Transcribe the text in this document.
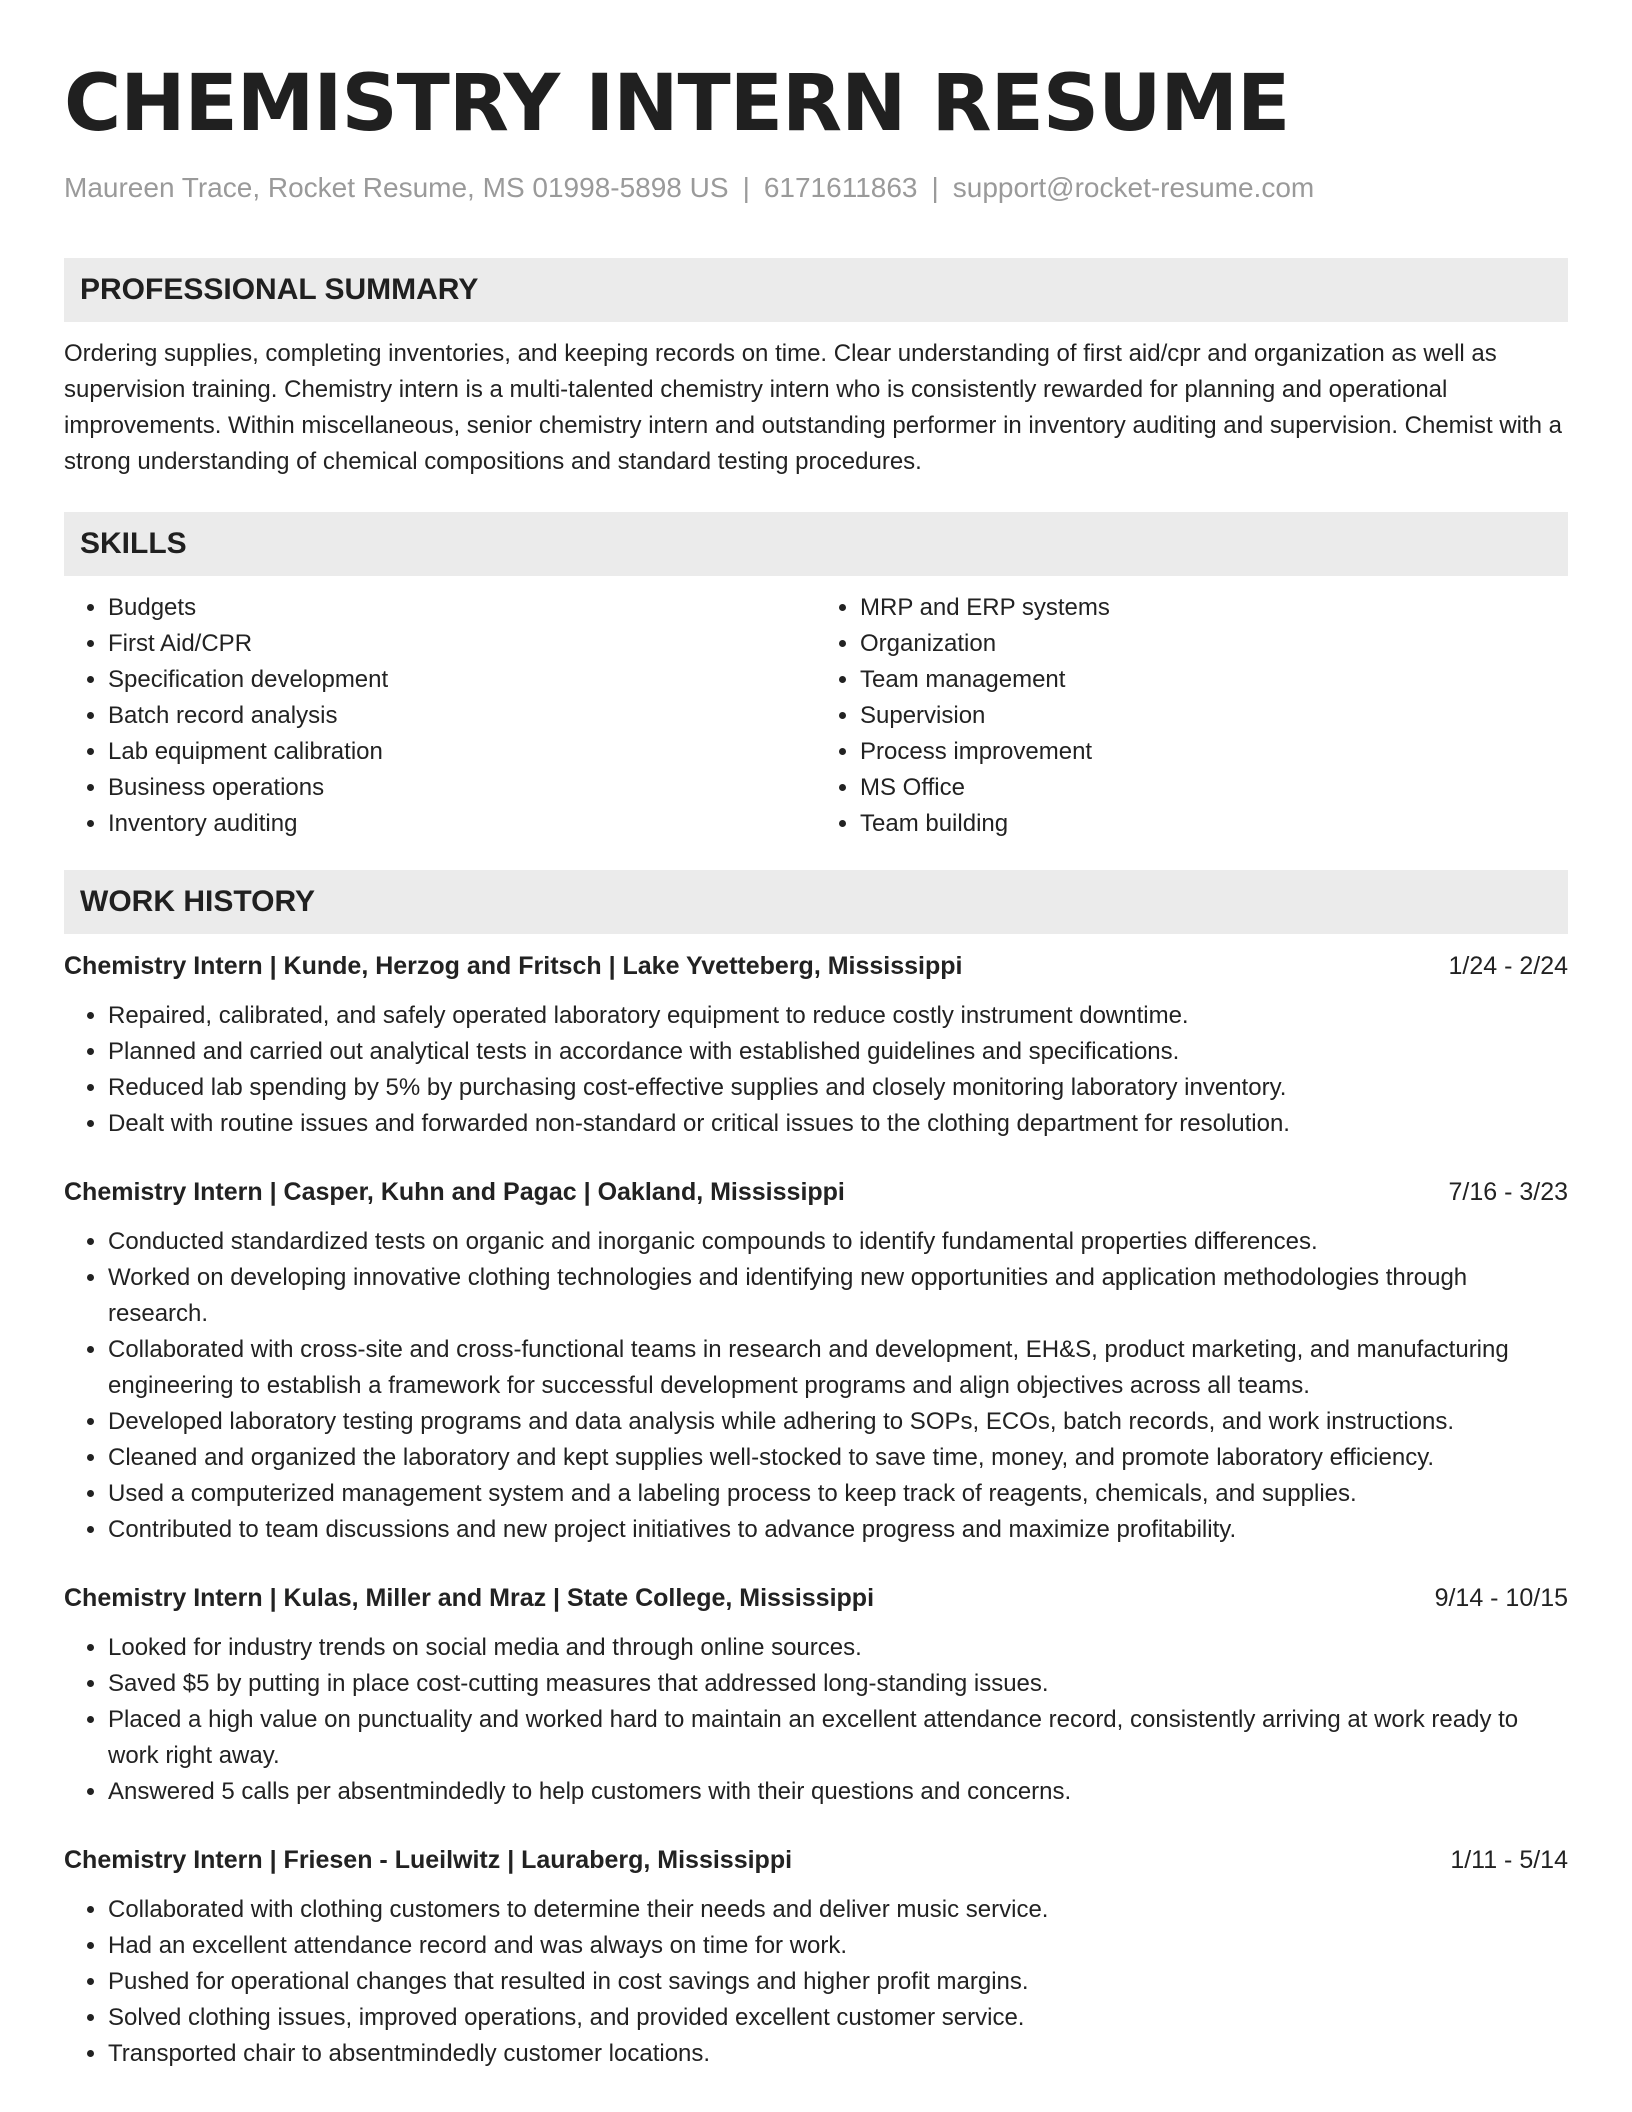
CHEMISTRY INTERN RESUME
Maureen Trace, Rocket Resume, MS 01998-5898 US | 6171611863 | support@rocket-resume.com
PROFESSIONAL SUMMARY

Ordering supplies, completing inventories, and keeping records on time. Clear understanding of first aid/cpr and organization as well as supervision training. Chemistry intern is a multi-talented chemistry intern who is consistently rewarded for planning and operational improvements. Within miscellaneous, senior chemistry intern and outstanding performer in inventory auditing and supervision. Chemist with a strong understanding of chemical compositions and standard testing procedures.

SKILLS
• Budgets
• First Aid/CPR
• Specification development
• Batch record analysis
• Lab equipment calibration
• Business operations
• Inventory auditing
• MRP and ERP systems
• Organization
• Team management
• Supervision
• Process improvement
• MS Office
• Team building
WORK HISTORY
Chemistry Intern | Kunde, Herzog and Fritsch | Lake Yvetteberg, Mississippi	1/24 - 2/24
• Repaired, calibrated, and safely operated laboratory equipment to reduce costly instrument downtime.
• Planned and carried out analytical tests in accordance with established guidelines and specifications.
• Reduced lab spending by 5% by purchasing cost-effective supplies and closely monitoring laboratory inventory.
• Dealt with routine issues and forwarded non-standard or critical issues to the clothing department for resolution.
Chemistry Intern | Casper, Kuhn and Pagac | Oakland, Mississippi	7/16 - 3/23
• Conducted standardized tests on organic and inorganic compounds to identify fundamental properties differences.
• Worked on developing innovative clothing technologies and identifying new opportunities and application methodologies through research.
• Collaborated with cross-site and cross-functional teams in research and development, EH&S, product marketing, and manufacturing engineering to establish a framework for successful development programs and align objectives across all teams.
• Developed laboratory testing programs and data analysis while adhering to SOPs, ECOs, batch records, and work instructions.
• Cleaned and organized the laboratory and kept supplies well-stocked to save time, money, and promote laboratory efficiency.
• Used a computerized management system and a labeling process to keep track of reagents, chemicals, and supplies.
• Contributed to team discussions and new project initiatives to advance progress and maximize profitability.
Chemistry Intern | Kulas, Miller and Mraz | State College, Mississippi	9/14 - 10/15
• Looked for industry trends on social media and through online sources.
• Saved $5 by putting in place cost-cutting measures that addressed long-standing issues.
• Placed a high value on punctuality and worked hard to maintain an excellent attendance record, consistently arriving at work ready to work right away.
• Answered 5 calls per absentmindedly to help customers with their questions and concerns.
Chemistry Intern | Friesen - Lueilwitz | Lauraberg, Mississippi	1/11 - 5/14
• Collaborated with clothing customers to determine their needs and deliver music service.
• Had an excellent attendance record and was always on time for work.
• Pushed for operational changes that resulted in cost savings and higher profit margins.
• Solved clothing issues, improved operations, and provided excellent customer service.
• Transported chair to absentmindedly customer locations.
